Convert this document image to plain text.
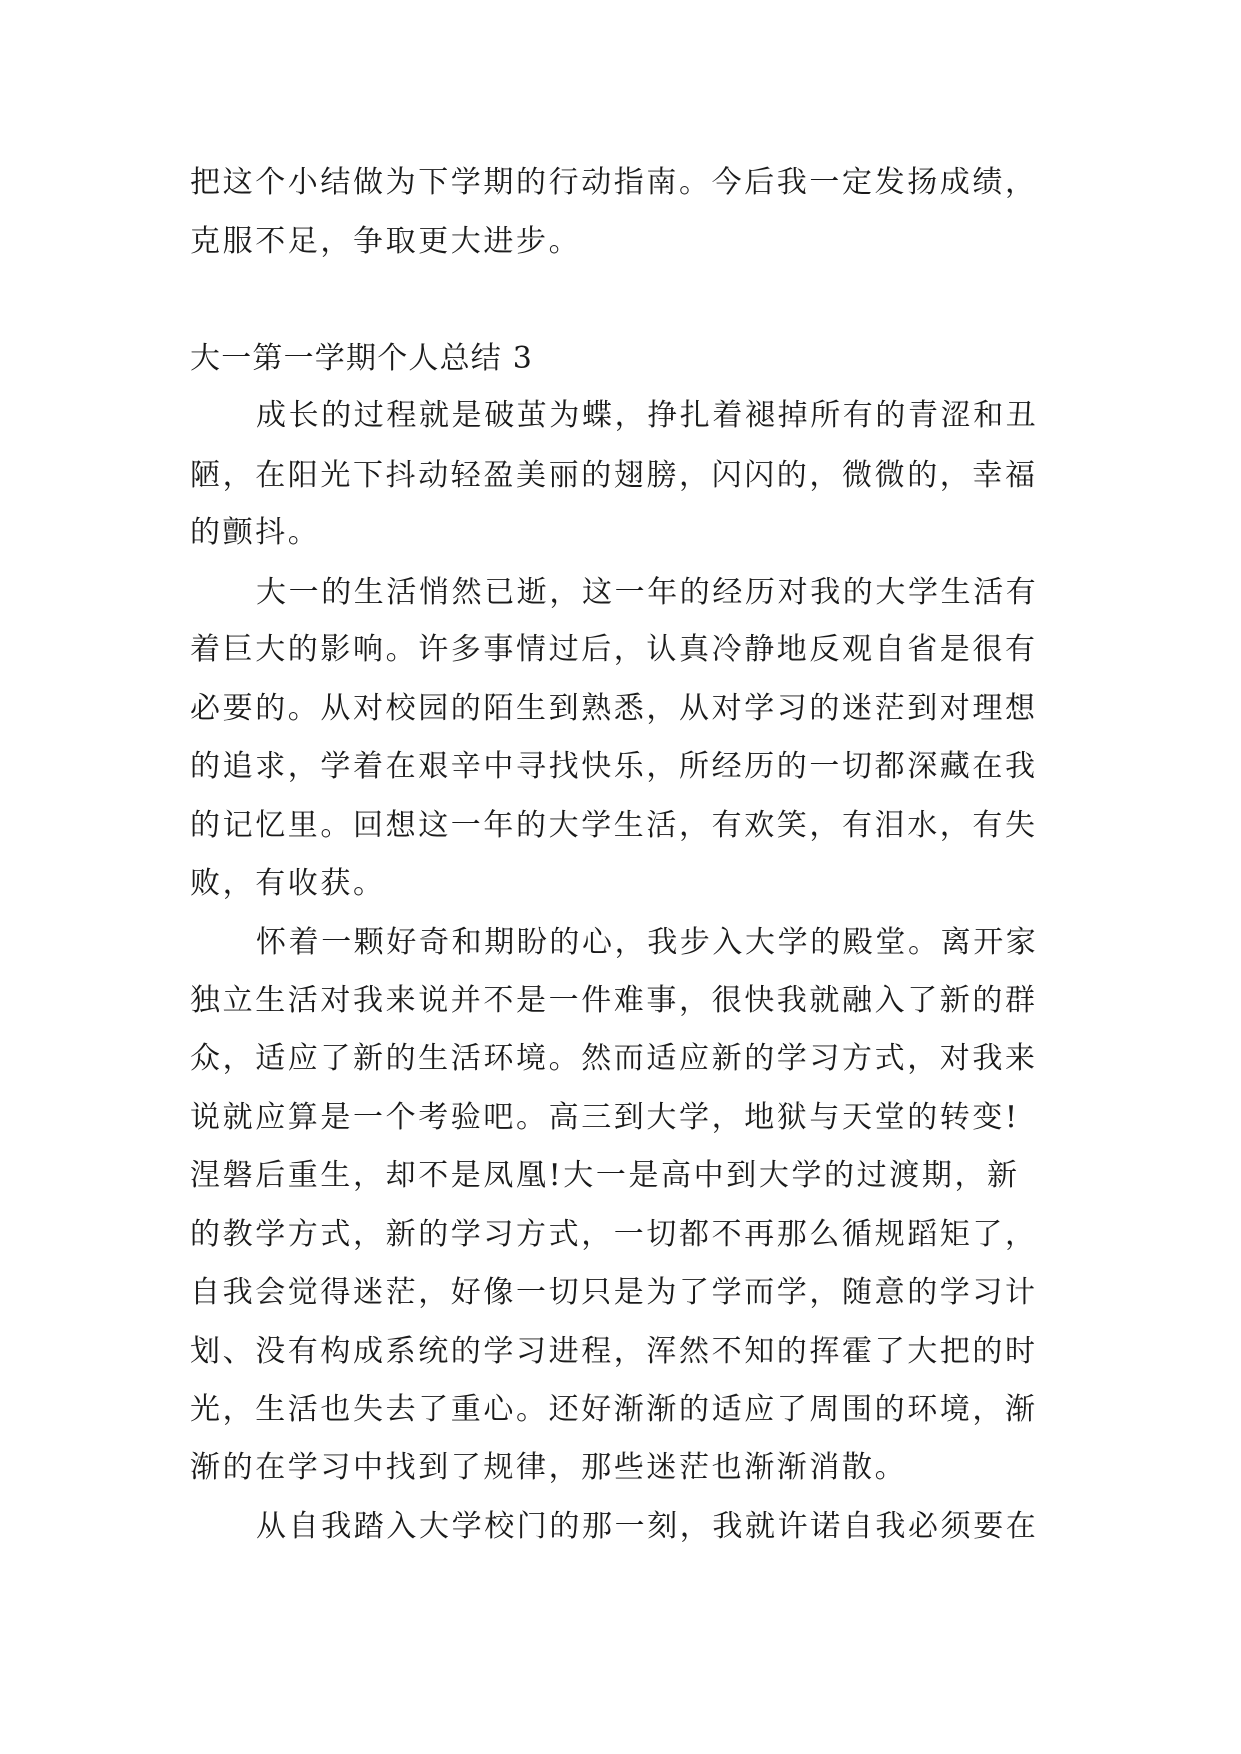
把这个小结做为下学期的行动指南。今后我一定发扬成绩，
克服不足，争取更大进步。
大一第一学期个人总结 3
成长的过程就是破茧为蝶，挣扎着褪掉所有的青涩和丑
陋，在阳光下抖动轻盈美丽的翅膀，闪闪的，微微的，幸福
的颤抖。
大一的生活悄然已逝，这一年的经历对我的大学生活有
着巨大的影响。许多事情过后，认真冷静地反观自省是很有
必要的。从对校园的陌生到熟悉，从对学习的迷茫到对理想
的追求，学着在艰辛中寻找快乐，所经历的一切都深藏在我
的记忆里。回想这一年的大学生活，有欢笑，有泪水，有失
败，有收获。
怀着一颗好奇和期盼的心，我步入大学的殿堂。离开家
独立生活对我来说并不是一件难事，很快我就融入了新的群
众，适应了新的生活环境。然而适应新的学习方式，对我来
说就应算是一个考验吧。高三到大学，地狱与天堂的转变!
涅磐后重生，却不是凤凰!大一是高中到大学的过渡期，新
的教学方式，新的学习方式，一切都不再那么循规蹈矩了，
自我会觉得迷茫，好像一切只是为了学而学，随意的学习计
划、没有构成系统的学习进程，浑然不知的挥霍了大把的时
光，生活也失去了重心。还好渐渐的适应了周围的环境，渐
渐的在学习中找到了规律，那些迷茫也渐渐消散。
从自我踏入大学校门的那一刻，我就许诺自我必须要在
